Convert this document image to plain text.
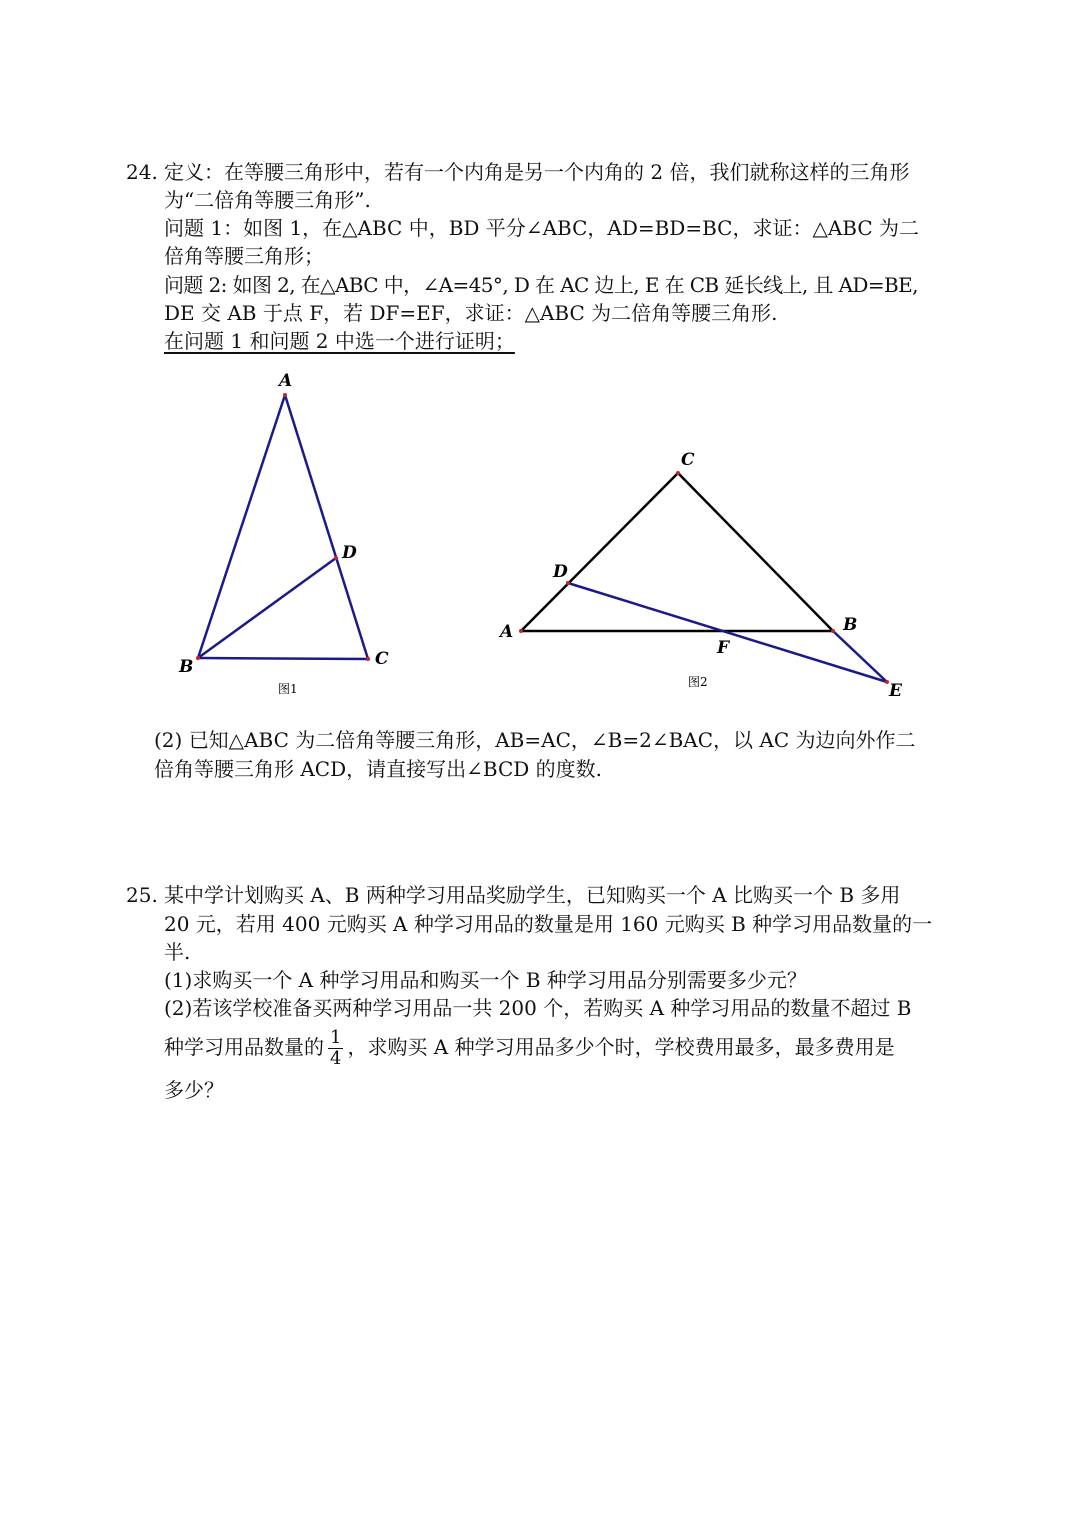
24. 定义：在等腰三角形中，若有一个内角是另一个内角的 2 倍，我们就称这样的三角形
为“二倍角等腰三角形”.
问题 1：如图 1，在△ABC 中，BD 平分∠ABC，AD=BD=BC，求证：△ABC 为二
倍角等腰三角形；
问题 2: 如图 2, 在△ABC 中，∠A=45°, D 在 AC 边上, E 在 CB 延长线上, 且 AD=BE,
DE 交 AB 于点 F，若 DF=EF，求证：△ABC 为二倍角等腰三角形.
在问题 1 和问题 2 中选一个进行证明；
A
B	C
D
图1
A	B
C
D
E
F
图2
(2) 已知△ABC 为二倍角等腰三角形，AB=AC，∠B=2∠BAC，以 AC 为边向外作二
倍角等腰三角形 ACD，请直接写出∠BCD 的度数.
25. 某中学计划购买 A、B 两种学习用品奖励学生，已知购买一个 A 比购买一个 B 多用
20 元，若用 400 元购买 A 种学习用品的数量是用 160 元购买 B 种学习用品数量的一
半.
(1)求购买一个 A 种学习用品和购买一个 B 种学习用品分别需要多少元？
(2)若该学校准备买两种学习用品一共 200 个，若购买 A 种学习用品的数量不超过 B
种学习用品数量的 $\frac{1}{4}$ ，求购买 A 种学习用品多少个时，学校费用最多，最多费用是
多少？
